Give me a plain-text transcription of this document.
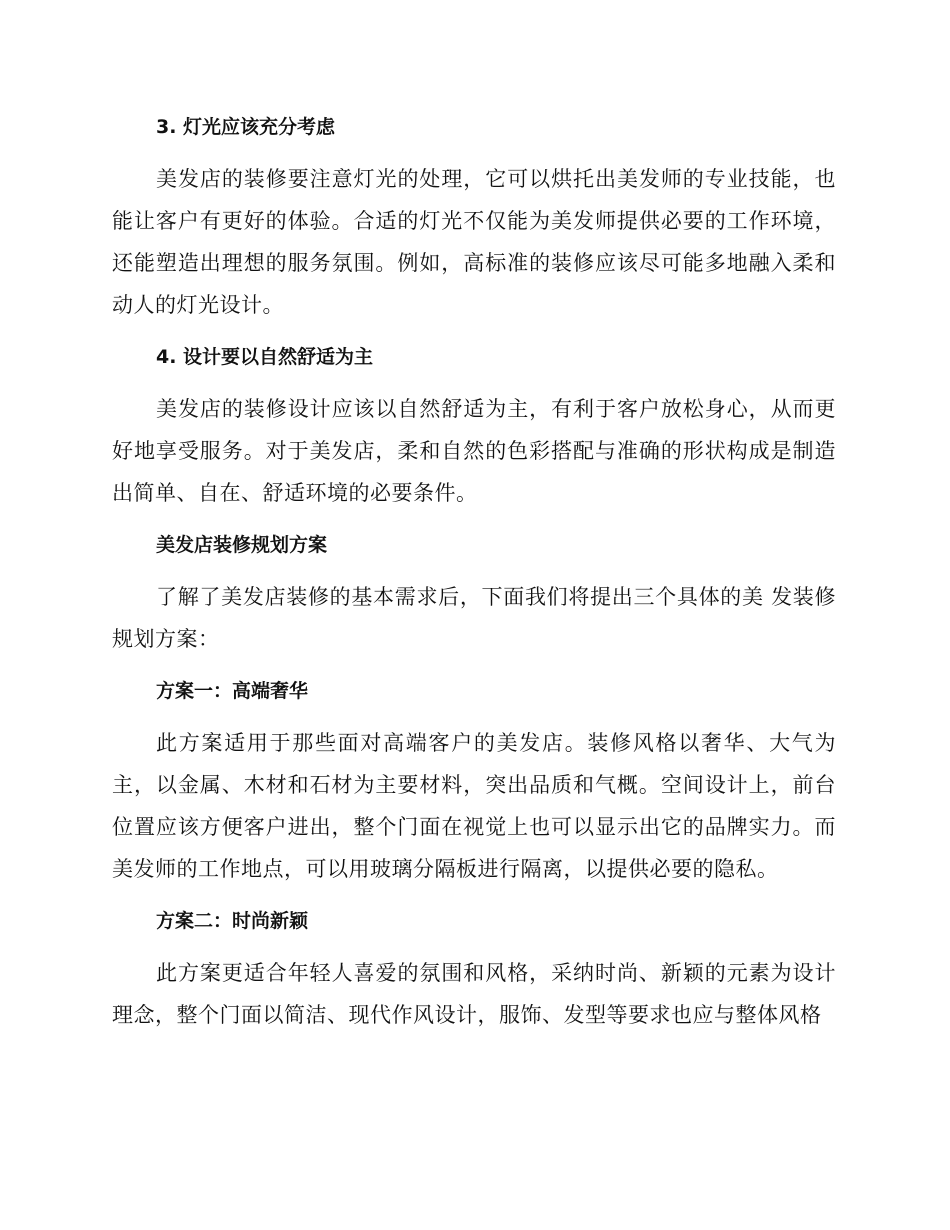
3. 灯光应该充分考虑

美发店的装修要注意灯光的处理，它可以烘托出美发师的专业技能，也能让客户有更好的体验。合适的灯光不仅能为美发师提供必要的工作环境，还能塑造出理想的服务氛围。例如，高标准的装修应该尽可能多地融入柔和动人的灯光设计。

4. 设计要以自然舒适为主

美发店的装修设计应该以自然舒适为主，有利于客户放松身心，从而更好地享受服务。对于美发店，柔和自然的色彩搭配与准确的形状构成是制造出简单、自在、舒适环境的必要条件。

美发店装修规划方案

了解了美发店装修的基本需求后，下面我们将提出三个具体的美 发装修规划方案：

方案一：高端奢华

此方案适用于那些面对高端客户的美发店。装修风格以奢华、大气为主，以金属、木材和石材为主要材料，突出品质和气概。空间设计上，前台位置应该方便客户进出，整个门面在视觉上也可以显示出它的品牌实力。而美发师的工作地点，可以用玻璃分隔板进行隔离，以提供必要的隐私。

方案二：时尚新颖

此方案更适合年轻人喜爱的氛围和风格，采纳时尚、新颖的元素为设计理念，整个门面以简洁、现代作风设计，服饰、发型等要求也应与整体风格
